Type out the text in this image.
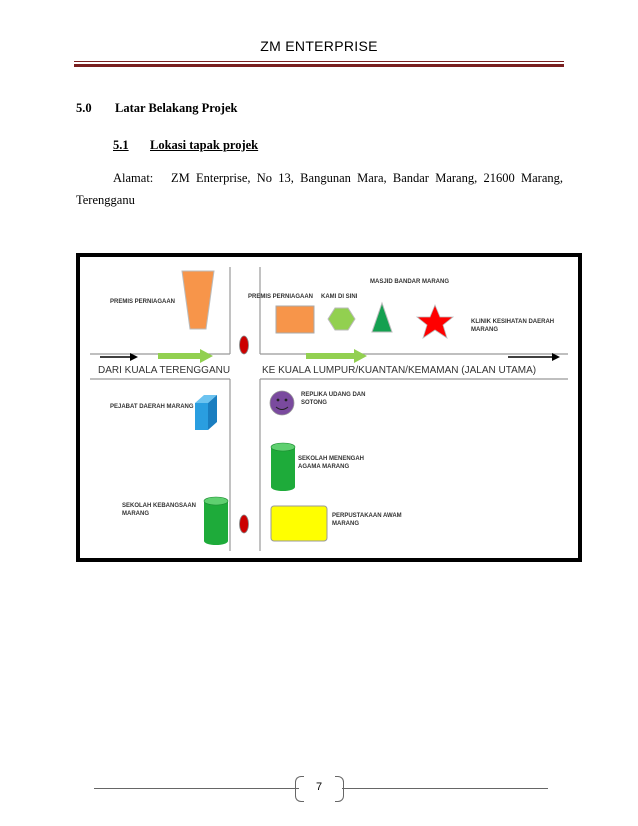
ZM ENTERPRISE
5.0 Latar Belakang Projek
5.1	Lokasi tapak projek
Alamat: ZM Enterprise, No 13, Bangunan Mara, Bandar Marang, 21600 Marang,
Terengganu
DARI KUALA TERENGGANU	KE KUALA LUMPUR/KUANTAN/KEMAMAN (JALAN UTAMA)
PREMIS PERNIAGAAN
PREMIS PERNIAGAAN KAMI DI SINI
MASJID BANDAR MARANG
KLINIK KESIHATAN DAERAH
MARANG
PEJABAT DAERAH MARANG
REPLIKA UDANG DAN
SOTONG
SEKOLAH MENENGAH
AGAMA MARANG
SEKOLAH KEBANGSAAN
MARANG	PERPUSTAKAAN AWAM
MARANG
7
